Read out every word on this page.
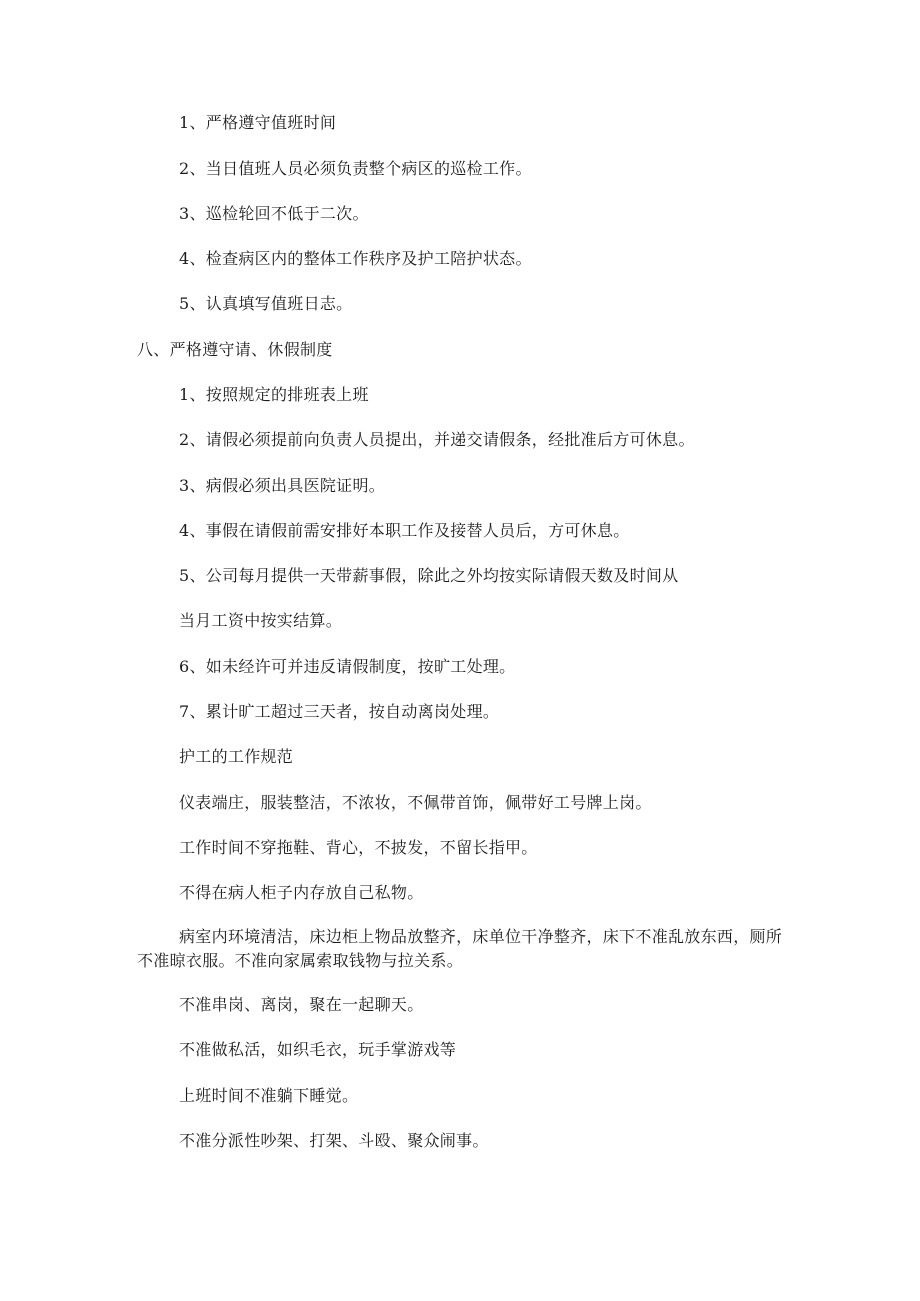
1、严格遵守值班时间
2、当日值班人员必须负责整个病区的巡检工作。
3、巡检轮回不低于二次。
4、检查病区内的整体工作秩序及护工陪护状态。
5、认真填写值班日志。
八、严格遵守请、休假制度
1、按照规定的排班表上班
2、请假必须提前向负责人员提出，并递交请假条，经批准后方可休息。
3、病假必须出具医院证明。
4、事假在请假前需安排好本职工作及接替人员后，方可休息。
5、公司每月提供一天带薪事假，除此之外均按实际请假天数及时间从
当月工资中按实结算。
6、如未经许可并违反请假制度，按旷工处理。
7、累计旷工超过三天者，按自动离岗处理。
护工的工作规范
仪表端庄，服装整洁，不浓妆，不佩带首饰，佩带好工号牌上岗。
工作时间不穿拖鞋、背心，不披发，不留长指甲。
不得在病人柜子内存放自己私物。
病室内环境清洁，床边柜上物品放整齐，床单位干净整齐，床下不准乱放东西，厕所不准晾衣服。不准向家属索取钱物与拉关系。
不准串岗、离岗，聚在一起聊天。
不准做私活，如织毛衣，玩手掌游戏等
上班时间不准躺下睡觉。
不准分派性吵架、打架、斗殴、聚众闹事。
